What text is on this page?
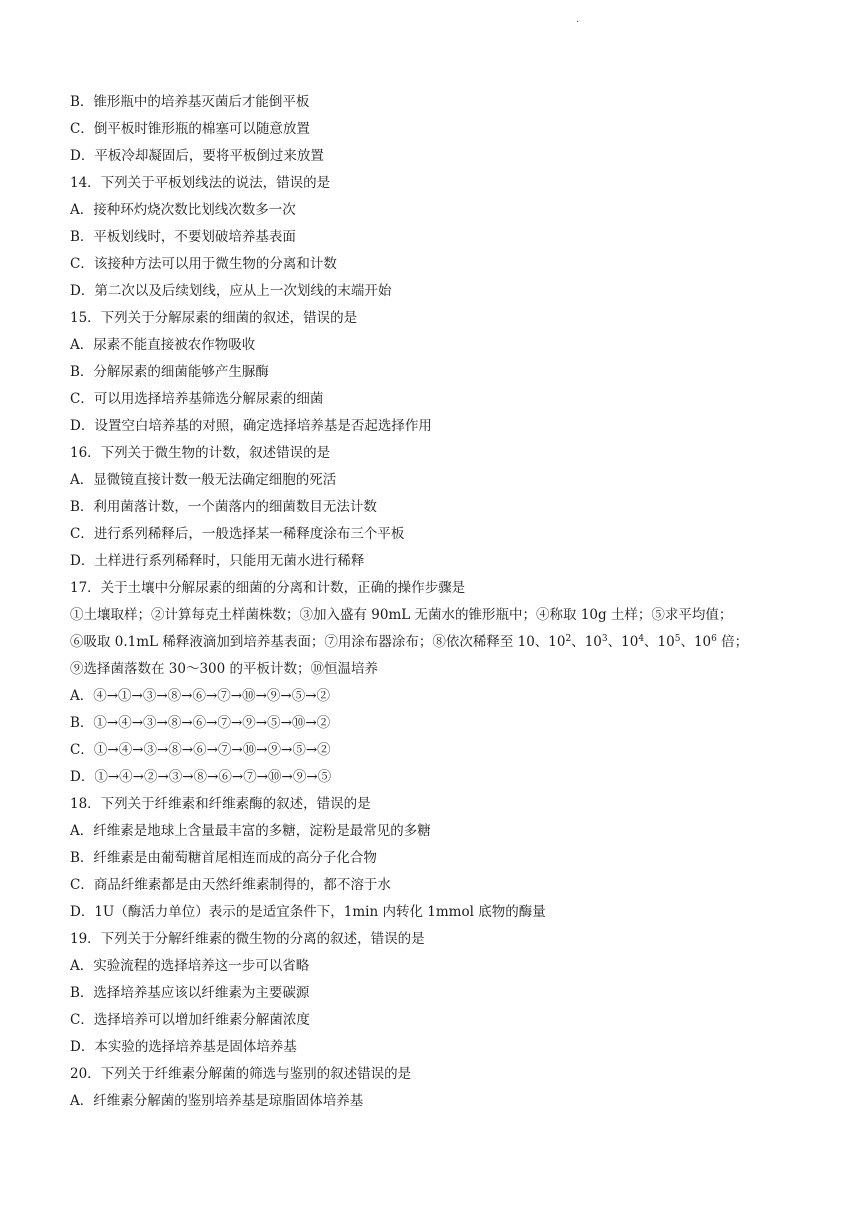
.
B．锥形瓶中的培养基灭菌后才能倒平板
C．倒平板时锥形瓶的棉塞可以随意放置
D．平板冷却凝固后，要将平板倒过来放置
14．下列关于平板划线法的说法，错误的是
A．接种环灼烧次数比划线次数多一次
B．平板划线时，不要划破培养基表面
C．该接种方法可以用于微生物的分离和计数
D．第二次以及后续划线，应从上一次划线的末端开始
15．下列关于分解尿素的细菌的叙述，错误的是
A．尿素不能直接被农作物吸收
B．分解尿素的细菌能够产生脲酶
C．可以用选择培养基筛选分解尿素的细菌
D．设置空白培养基的对照，确定选择培养基是否起选择作用
16．下列关于微生物的计数，叙述错误的是
A．显微镜直接计数一般无法确定细胞的死活
B．利用菌落计数，一个菌落内的细菌数目无法计数
C．进行系列稀释后，一般选择某一稀释度涂布三个平板
D．土样进行系列稀释时，只能用无菌水进行稀释
17．关于土壤中分解尿素的细菌的分离和计数，正确的操作步骤是
①土壤取样；②计算每克土样菌株数；③加入盛有 90mL 无菌水的锥形瓶中；④称取 10g 土样；⑤求平均值；
⑥吸取 0.1mL 稀释液滴加到培养基表面；⑦用涂布器涂布；⑧依次稀释至 10、$10^2$、$10^3$、$10^4$、$10^5$、$10^6$ 倍；
⑨选择菌落数在 30～300 的平板计数；⑩恒温培养
A．④→①→③→⑧→⑥→⑦→⑩→⑨→⑤→②
B．①→④→③→⑧→⑥→⑦→⑨→⑤→⑩→②
C．①→④→③→⑧→⑥→⑦→⑩→⑨→⑤→②
D．①→④→②→③→⑧→⑥→⑦→⑩→⑨→⑤
18．下列关于纤维素和纤维素酶的叙述，错误的是
A．纤维素是地球上含量最丰富的多糖，淀粉是最常见的多糖
B．纤维素是由葡萄糖首尾相连而成的高分子化合物
C．商品纤维素都是由天然纤维素制得的，都不溶于水
D．1U（酶活力单位）表示的是适宜条件下，1min 内转化 1mmol 底物的酶量
19．下列关于分解纤维素的微生物的分离的叙述，错误的是
A．实验流程的选择培养这一步可以省略
B．选择培养基应该以纤维素为主要碳源
C．选择培养可以增加纤维素分解菌浓度
D．本实验的选择培养基是固体培养基
20．下列关于纤维素分解菌的筛选与鉴别的叙述错误的是
A．纤维素分解菌的鉴别培养基是琼脂固体培养基
